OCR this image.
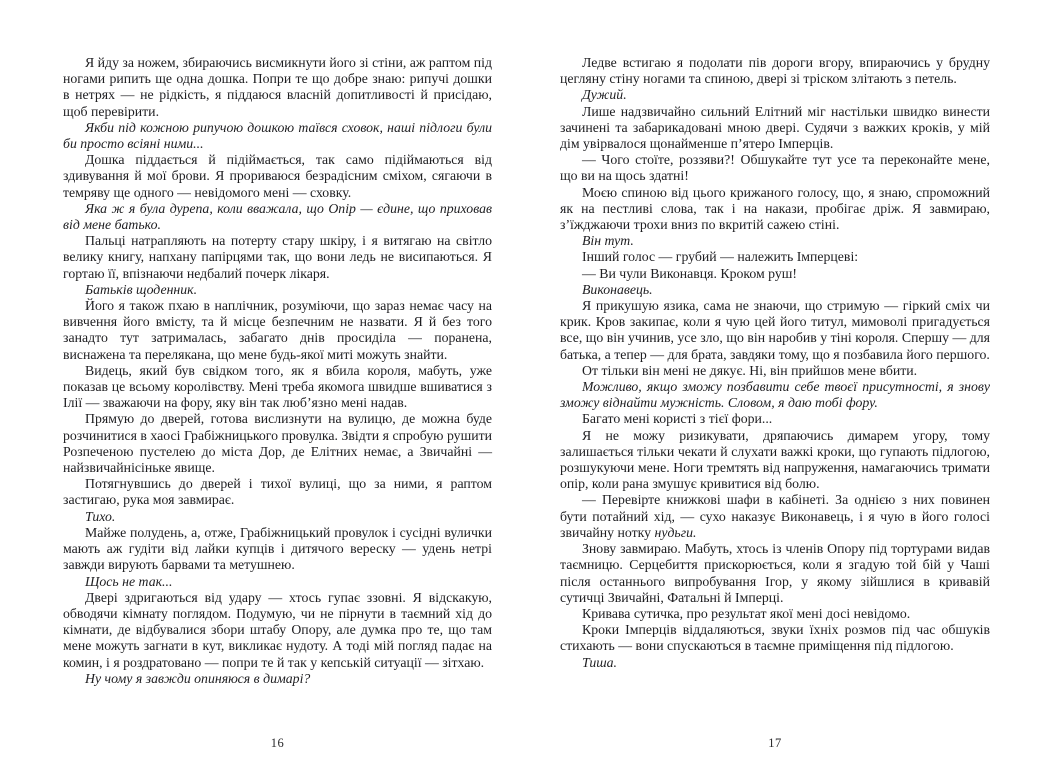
Я йду за ножем, збираючись висмикнути його зі стіни, аж раптом під ногами рипить ще одна дошка. Попри те що добре знаю: рипучі дошки в нетрях — не рідкість, я піддаюся власній допитливості й присідаю, щоб перевірити.

Якби під кожною рипучою дошкою таївся сховок, наші підлоги були би просто всіяні ними...

Дошка піддається й підіймається, так само підіймаються від здивування й мої брови. Я прориваюся безрадісним сміхом, сягаючи в темряву ще одного — невідомого мені — сховку.

Яка ж я була дурепа, коли вважала, що Опір — єдине, що приховав від мене батько.

Пальці натрапляють на потерту стару шкіру, і я витягаю на світло велику книгу, напхану папірцями так, що вони ледь не висипаються. Я гортаю її, впізнаючи недбалий почерк лікаря.

Батьків щоденник.

Його я також пхаю в наплічник, розуміючи, що зараз немає часу на вивчення його вмісту, та й місце безпечним не назвати. Я й без того занадто тут затрималась, забагато днів просиділа — поранена, виснажена та перелякана, що мене будь-якої миті можуть знайти.

Видець, який був свідком того, як я вбила короля, мабуть, уже показав це всьому королівству. Мені треба якомога швидше вшиватися з Ілії — зважаючи на фору, яку він так люб’язно мені надав.

Прямую до дверей, готова вислизнути на вулицю, де можна буде розчинитися в хаосі Грабіжницького провулка. Звідти я спробую рушити Розпеченою пустелею до міста Дор, де Елітних немає, а Звичайні — найзвичайнісіньке явище.

Потягнувшись до дверей і тихої вулиці, що за ними, я раптом застигаю, рука моя завмирає.

Тихо.

Майже полудень, а, отже, Грабіжницький провулок і сусідні вулички мають аж гудіти від лайки купців і дитячого вереску — удень нетрі завжди вирують барвами та метушнею.

Щось не так...

Двері здригаються від удару — хтось гупає ззовні. Я відскакую, обводячи кімнату поглядом. Подумую, чи не пірнути в таємний хід до кімнати, де відбувалися збори штабу Опору, але думка про те, що там мене можуть загнати в кут, викликає нудоту. А тоді мій погляд падає на комин, і я роздратовано — попри те й так у кепській ситуації — зітхаю.

Ну чому я завжди опиняюся в димарі?

Ледве встигаю я подолати пів дороги вгору, впираючись у брудну цегляну стіну ногами та спиною, двері зі тріском злітають з петель.

Дужий.

Лише надзвичайно сильний Елітний міг настільки швидко винести зачинені та забарикадовані мною двері. Судячи з важких кроків, у мій дім увірвалося щонайменше п’ятеро Імперців.

— Чого стоїте, роззяви?! Обшукайте тут усе та переконайте мене, що ви на щось здатні!

Моєю спиною від цього крижаного голосу, що, я знаю, спроможний як на пестливі слова, так і на накази, пробігає дріж. Я завмираю, з’їжджаючи трохи вниз по вкритій сажею стіні.

Він тут.

Інший голос — грубий — належить Імперцеві:

— Ви чули Виконавця. Кроком руш!

Виконавець.

Я прикушую язика, сама не знаючи, що стримую — гіркий сміх чи крик. Кров закипає, коли я чую цей його титул, мимоволі пригадується все, що він учинив, усе зло, що він наробив у тіні короля. Спершу — для батька, а тепер — для брата, завдяки тому, що я позбавила його першого.

От тільки він мені не дякує. Ні, він прийшов мене вбити.

Можливо, якщо зможу позбавити себе твоєї присутності, я знову зможу віднайти мужність. Словом, я даю тобі фору.

Багато мені користі з тієї фори...

Я не можу ризикувати, дряпаючись димарем угору, тому залишається тільки чекати й слухати важкі кроки, що гупають підлогою, розшукуючи мене. Ноги тремтять від напруження, намагаючись тримати опір, коли рана змушує кривитися від болю.

— Перевірте книжкові шафи в кабінеті. За однією з них повинен бути потайний хід, — сухо наказує Виконавець, і я чую в його голосі звичайну нотку нудьги.

Знову завмираю. Мабуть, хтось із членів Опору під тортурами видав таємницю. Серцебиття прискорюється, коли я згадую той бій у Чаші після останнього випробування Ігор, у якому зійшлися в кривавій сутичці Звичайні, Фатальні й Імперці.

Кривава сутичка, про результат якої мені досі невідомо.

Кроки Імперців віддаляються, звуки їхніх розмов під час обшуків стихають — вони спускаються в таємне приміщення під підлогою.

Тиша.

16	17
